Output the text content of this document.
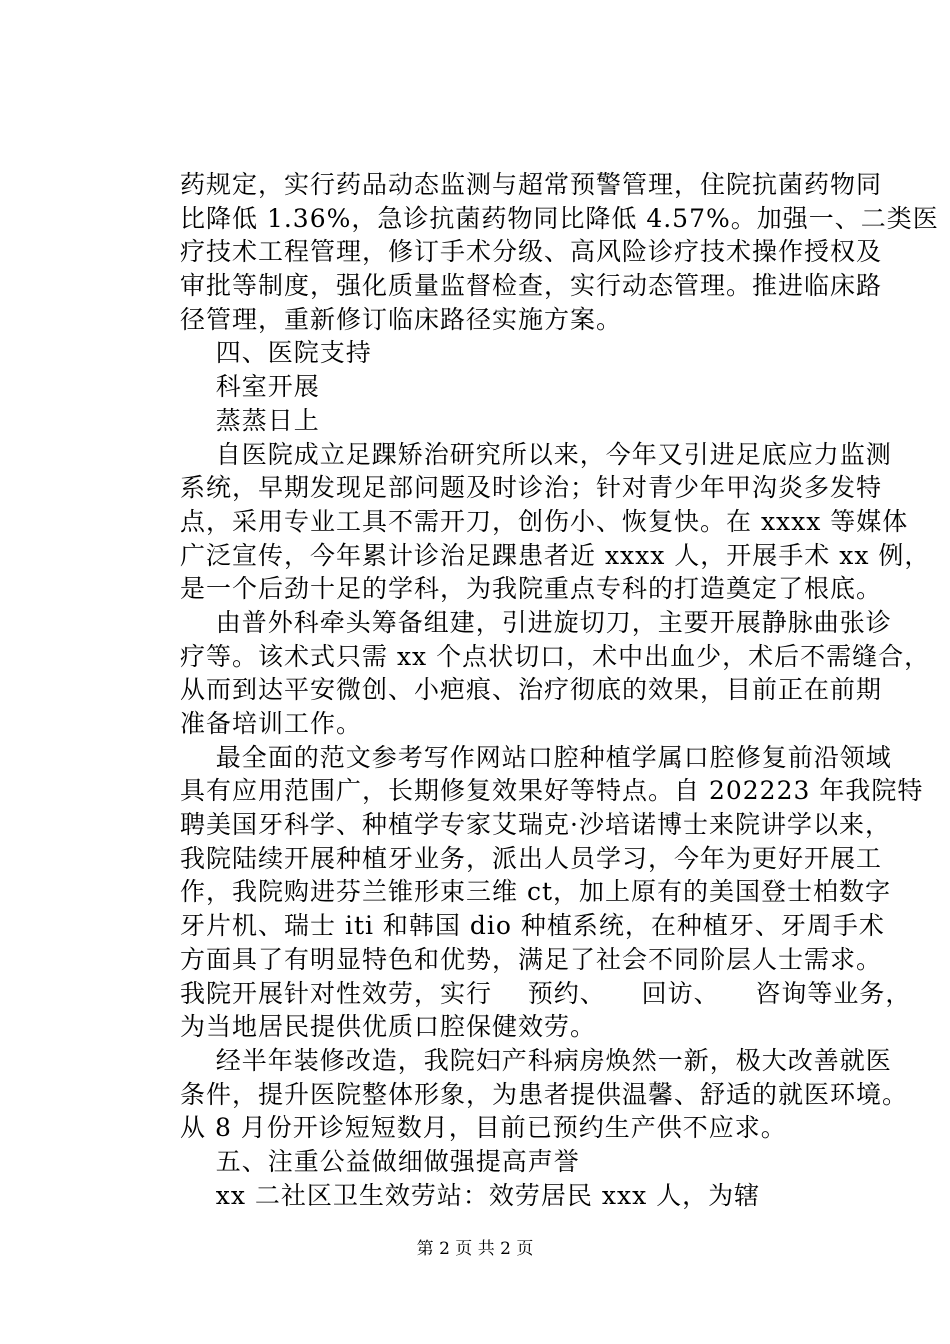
药规定，实行药品动态监测与超常预警管理，住院抗菌药物同
比降低 1.36%，急诊抗菌药物同比降低 4.57%。加强一、二类医
疗技术工程管理，修订手术分级、高风险诊疗技术操作授权及
审批等制度，强化质量监督检查，实行动态管理。推进临床路
径管理，重新修订临床路径实施方案。
四、医院支持
科室开展
蒸蒸日上
自医院成立足踝矫治研究所以来，今年又引进足底应力监测
系统，早期发现足部问题及时诊治；针对青少年甲沟炎多发特
点，采用专业工具不需开刀，创伤小、恢复快。在 xxxx 等媒体
广泛宣传，今年累计诊治足踝患者近 xxxx 人，开展手术 xx 例，
是一个后劲十足的学科，为我院重点专科的打造奠定了根底。
由普外科牵头筹备组建，引进旋切刀，主要开展静脉曲张诊
疗等。该术式只需 xx 个点状切口，术中出血少，术后不需缝合，
从而到达平安微创、小疤痕、治疗彻底的效果，目前正在前期
准备培训工作。
最全面的范文参考写作网站口腔种植学属口腔修复前沿领域
具有应用范围广，长期修复效果好等特点。自 202223 年我院特
聘美国牙科学、种植学专家艾瑞克·沙培诺博士来院讲学以来，
我院陆续开展种植牙业务，派出人员学习，今年为更好开展工
作，我院购进芬兰锥形束三维 ct，加上原有的美国登士柏数字
牙片机、瑞士 iti 和韩国 dio 种植系统，在种植牙、牙周手术
方面具了有明显特色和优势，满足了社会不同阶层人士需求。
我院开展针对性效劳，实行    预约、    回访、    咨询等业务，
为当地居民提供优质口腔保健效劳。
经半年装修改造，我院妇产科病房焕然一新，极大改善就医
条件，提升医院整体形象，为患者提供温馨、舒适的就医环境。
从 8 月份开诊短短数月，目前已预约生产供不应求。
五、注重公益做细做强提高声誉
xx 二社区卫生效劳站：效劳居民 xxx 人，为辖
第 2 页 共 2 页
